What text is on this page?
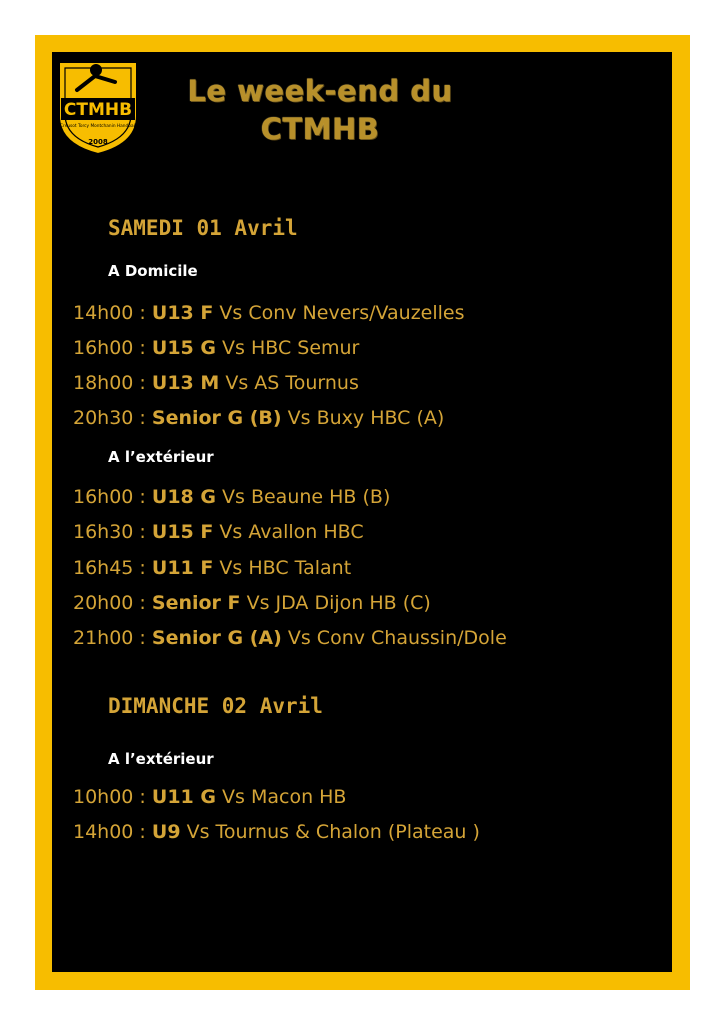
CTMHB
Creusot Torcy Montchanin Handball
2008
Le week-end du
CTMHB
SAMEDI 01 Avril
A Domicile
14h00 : U13 F Vs Conv Nevers/Vauzelles
16h00 : U15 G Vs HBC Semur
18h00 : U13 M Vs AS Tournus
20h30 : Senior G (B) Vs Buxy HBC (A)
A l’extérieur
16h00 : U18 G Vs Beaune HB (B)
16h30 : U15 F Vs Avallon HBC
16h45 : U11 F Vs HBC Talant
20h00 : Senior F Vs JDA Dijon HB (C)
21h00 : Senior G (A) Vs Conv Chaussin/Dole
DIMANCHE 02 Avril
A l’extérieur
10h00 : U11 G Vs Macon HB
14h00 : U9 Vs Tournus & Chalon (Plateau )
